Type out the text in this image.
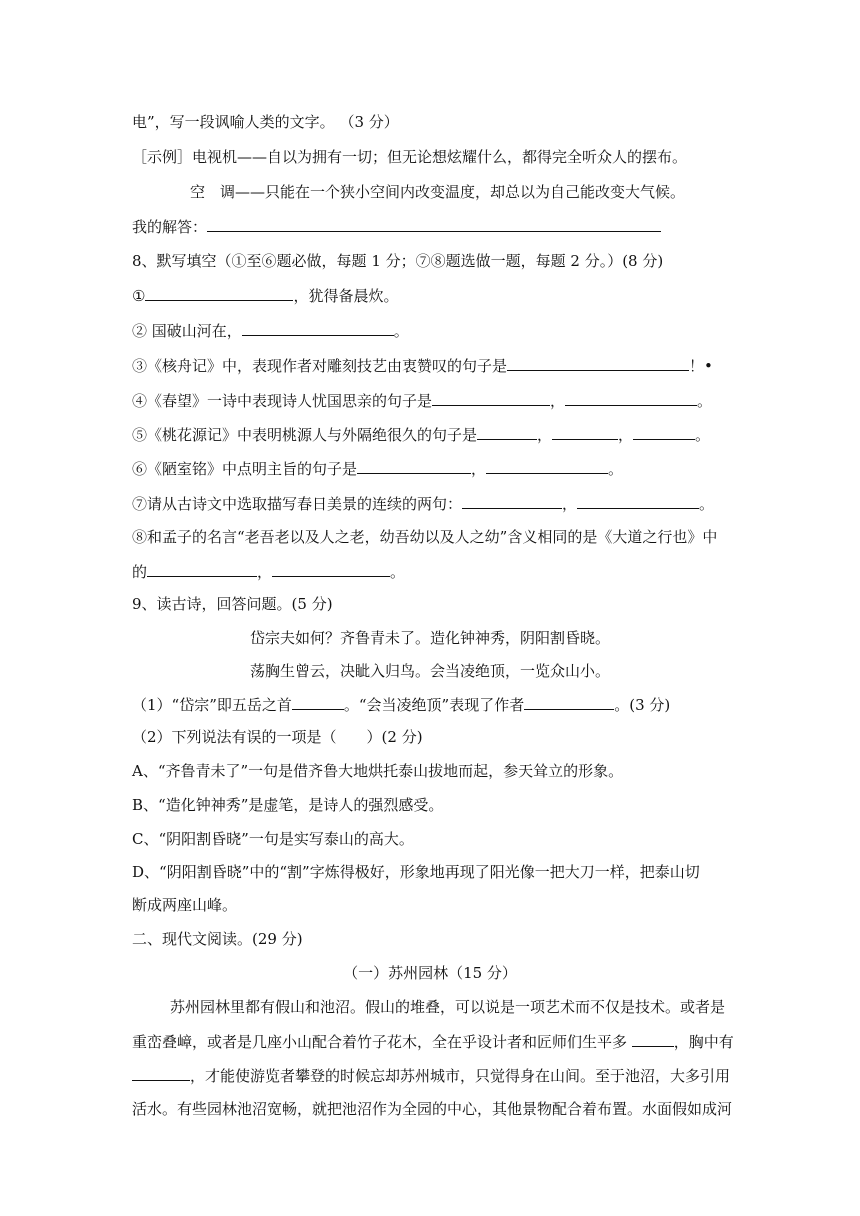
电”，写一段讽喻人类的文字。 （3 分）
［示例］电视机——自以为拥有一切；但无论想炫耀什么，都得完全听众人的摆布。
空　调——只能在一个狭小空间内改变温度，却总以为自己能改变大气候。
我的解答：
8、默写填空（①至⑥题必做，每题 1 分；⑦⑧题选做一题，每题 2 分。）(8 分)
①	，犹得备晨炊。
② 国破山河在，	。
③《核舟记》中，表现作者对雕刻技艺由衷赞叹的句子是	！•
④《春望》一诗中表现诗人忧国思亲的句子是	，	。
⑤《桃花源记》中表明桃源人与外隔绝很久的句子是	，	，	。
⑥《陋室铭》中点明主旨的句子是	，	。
⑦请从古诗文中选取描写春日美景的连续的两句：	，	。
⑧和孟子的名言“老吾老以及人之老，幼吾幼以及人之幼”含义相同的是《大道之行也》中
的	，	。
9、读古诗，回答问题。(5 分)
岱宗夫如何？齐鲁青未了。造化钟神秀，阴阳割昏晓。
荡胸生曾云，决眦入归鸟。会当凌绝顶，一览众山小。
（1）“岱宗”即五岳之首	。“会当凌绝顶”表现了作者	。(3 分)
（2）下列说法有误的一项是（　　）(2 分)
A、“齐鲁青未了”一句是借齐鲁大地烘托泰山拔地而起，参天耸立的形象。
B、“造化钟神秀”是虚笔，是诗人的强烈感受。
C、“阴阳割昏晓”一句是实写泰山的高大。
D、“阴阳割昏晓”中的“割”字炼得极好，形象地再现了阳光像一把大刀一样，把泰山切
断成两座山峰。
二、现代文阅读。(29 分)
（一）苏州园林（15 分）
苏州园林里都有假山和池沼。假山的堆叠，可以说是一项艺术而不仅是技术。或者是
重峦叠嶂，或者是几座小山配合着竹子花木，全在乎设计者和匠师们生平多	，胸中有
，才能使游览者攀登的时候忘却苏州城市，只觉得身在山间。至于池沼，大多引用
活水。有些园林池沼宽畅，就把池沼作为全园的中心，其他景物配合着布置。水面假如成河
